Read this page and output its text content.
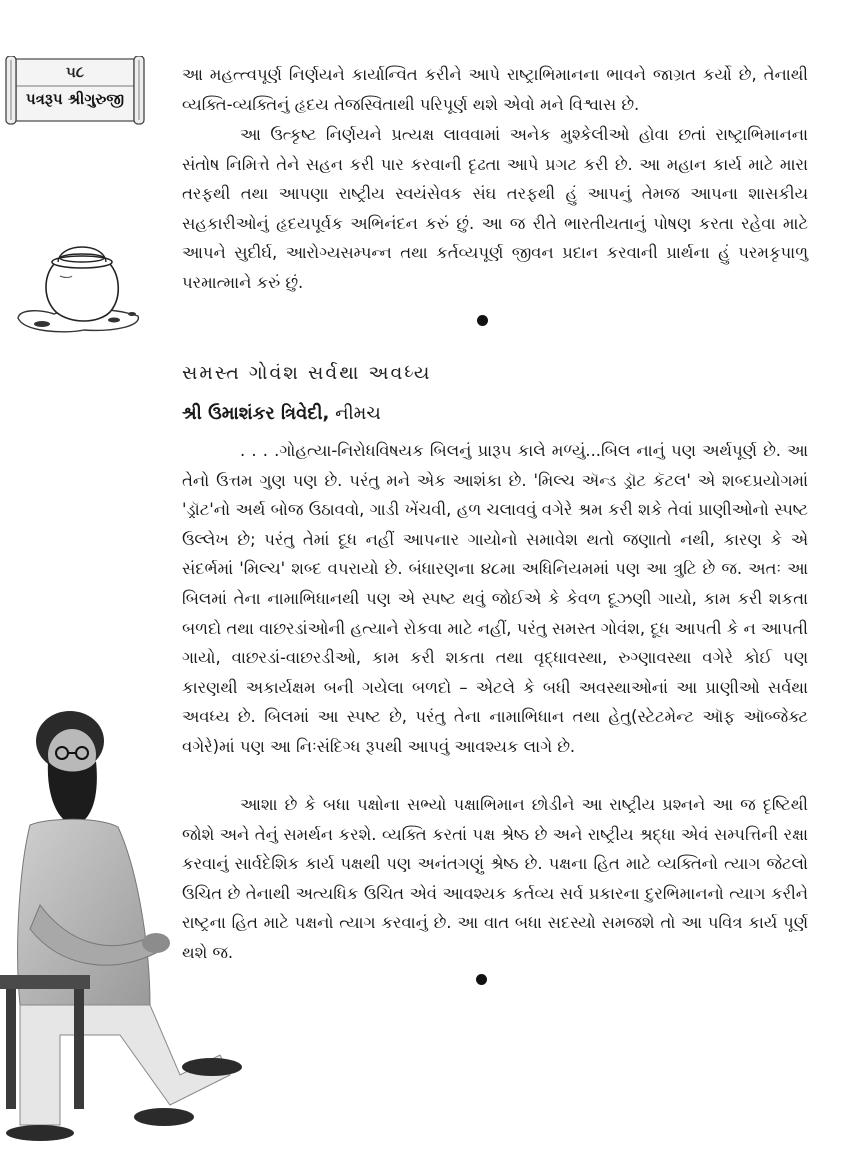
૫૮
પત્રરૂપ શ્રીગુરુજી

આ મહત્ત્વપૂર્ણ નિર્ણયને કાર્યાન્વિત કરીને આપે રાષ્ટ્રાભિમાનના ભાવને જાગ્રત કર્યો છે, તેનાથી વ્યક્તિ-વ્યક્તિનું હૃદય તેજસ્વિતાથી પરિપૂર્ણ થશે એવો મને વિશ્વાસ છે.

આ ઉત્કૃષ્ટ નિર્ણયને પ્રત્યક્ષ લાવવામાં અનેક મુશ્કેલીઓ હોવા છતાં રાષ્ટ્રાભિમાનના સંતોષ નિમિત્તે તેને સહન કરી પાર કરવાની દૃઢતા આપે પ્રગટ કરી છે. આ મહાન કાર્ય માટે મારા તરફથી તથા આપણા રાષ્ટ્રીય સ્વયંસેવક સંઘ તરફથી હું આપનું તેમજ આપના શાસકીય સહકારીઓનું હૃદયપૂર્વક અભિનંદન કરું છું. આ જ રીતે ભારતીયતાનું પોષણ કરતા રહેવા માટે આપને સુદીર્ઘ, આરોગ્યસમ્પન્ન તથા કર્તવ્યપૂર્ણ જીવન પ્રદાન કરવાની પ્રાર્થના હું પરમકૃપાળુ પરમાત્માને કરું છું.

સમસ્ત ગોવંશ સર્વથા અવધ્ય
શ્રી ઉમાશંકર ત્રિવેદી, નીમચ

. . . .ગોહત્યા-નિરોધવિષયક બિલનું પ્રારૂપ કાલે મળ્યું...બિલ નાનું પણ અર્થપૂર્ણ છે. આ તેનો ઉત્તમ ગુણ પણ છે. પરંતુ મને એક આશંકા છે. 'મિલ્ચ ઍન્ડ ડ્રૉટ કૅટલ' એ શબ્દપ્રયોગમાં 'ડ્રૉટ'નો અર્થ બોજ ઉઠાવવો, ગાડી ખેંચવી, હળ ચલાવવું વગેરે શ્રમ કરી શકે તેવાં પ્રાણીઓનો સ્પષ્ટ ઉલ્લેખ છે; પરંતુ તેમાં દૂધ નહીં આપનાર ગાયોનો સમાવેશ થતો જણાતો નથી, કારણ કે એ સંદર્ભમાં 'મિલ્ચ' શબ્દ વપરાયો છે. બંધારણના ૪૮મા અધિનિયમમાં પણ આ ત્રુટિ છે જ. અતઃ આ બિલમાં તેના નામાભિધાનથી પણ એ સ્પષ્ટ થવું જોઈએ કે કેવળ દૂઝણી ગાયો, કામ કરી શકતા બળદો તથા વાછરડાંઓની હત્યાને રોકવા માટે નહીં, પરંતુ સમસ્ત ગોવંશ, દૂધ આપતી કે ન આપતી ગાયો, વાછરડાં-વાછરડીઓ, કામ કરી શકતા તથા વૃદ્ધાવસ્થા, રુગ્ણાવસ્થા વગેરે કોઈ પણ કારણથી અકાર્યક્ષમ બની ગયેલા બળદો – એટલે કે બધી અવસ્થાઓનાં આ પ્રાણીઓ સર્વથા અવધ્ય છે. બિલમાં આ સ્પષ્ટ છે, પરંતુ તેના નામાભિધાન તથા હેતુ(સ્ટેટમેન્ટ ઑફ ઑબ્જેક્ટ વગેરે)માં પણ આ નિઃસંદિગ્ધ રૂપથી આપવું આવશ્યક લાગે છે.

આશા છે કે બધા પક્ષોના સભ્યો પક્ષાભિમાન છોડીને આ રાષ્ટ્રીય પ્રશ્નને આ જ દૃષ્ટિથી જોશે અને તેનું સમર્થન કરશે. વ્યક્તિ કરતાં પક્ષ શ્રેષ્ઠ છે અને રાષ્ટ્રીય શ્રદ્ધા એવં સમ્પત્તિની રક્ષા કરવાનું સાર્વદેશિક કાર્ય પક્ષથી પણ અનંતગણું શ્રેષ્ઠ છે. પક્ષના હિત માટે વ્યક્તિનો ત્યાગ જેટલો ઉચિત છે તેનાથી અત્યધિક ઉચિત એવં આવશ્યક કર્તવ્ય સર્વ પ્રકારના દુરભિમાનનો ત્યાગ કરીને રાષ્ટ્રના હિત માટે પક્ષનો ત્યાગ કરવાનું છે. આ વાત બધા સદસ્યો સમજશે તો આ પવિત્ર કાર્ય પૂર્ણ થશે જ.
